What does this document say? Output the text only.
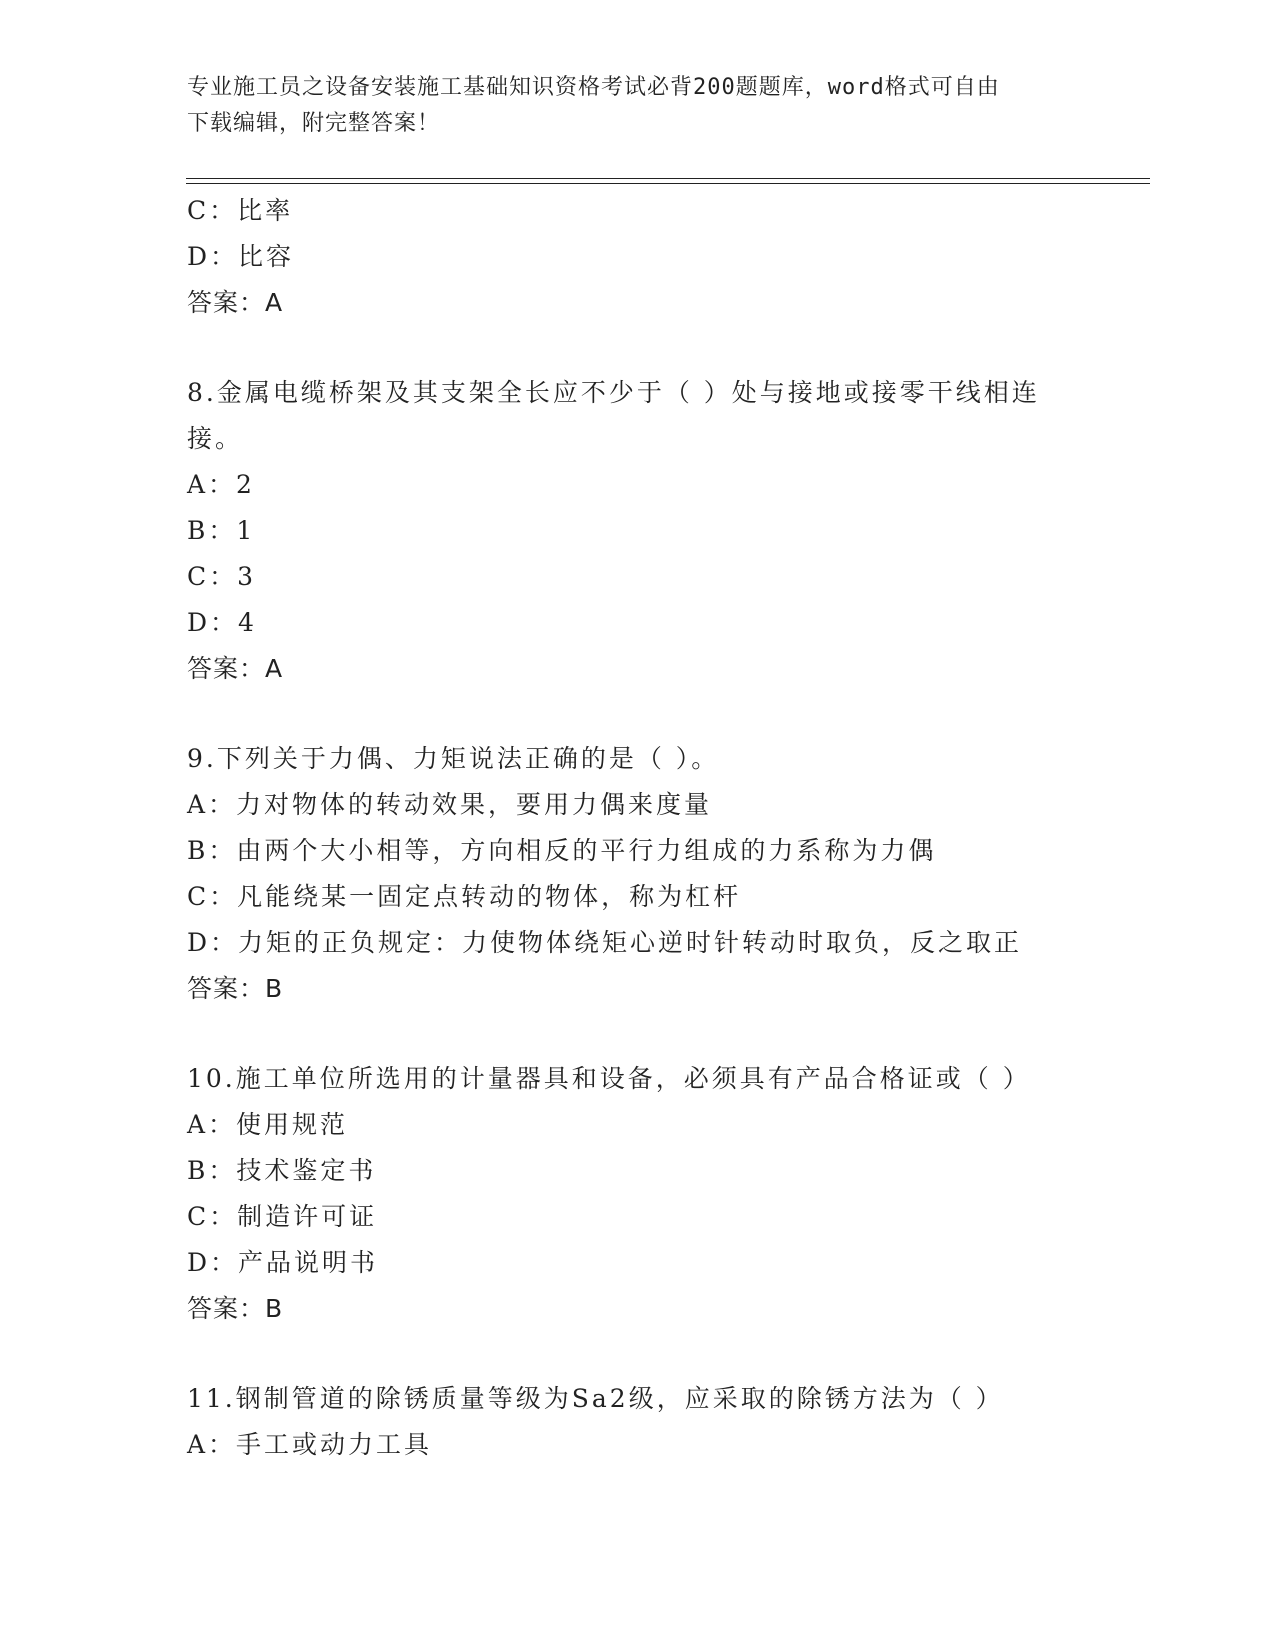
专业施工员之设备安装施工基础知识资格考试必背200题题库，word格式可自由
下载编辑，附完整答案！
C：比率
D：比容
答案：A
8.金属电缆桥架及其支架全长应不少于（ ）处与接地或接零干线相连
接。
A：2
B：1
C：3
D：4
答案：A
9.下列关于力偶、力矩说法正确的是（ ）。
A：力对物体的转动效果，要用力偶来度量
B：由两个大小相等，方向相反的平行力组成的力系称为力偶
C：凡能绕某一固定点转动的物体，称为杠杆
D：力矩的正负规定：力使物体绕矩心逆时针转动时取负，反之取正
答案：B
10.施工单位所选用的计量器具和设备，必须具有产品合格证或（ ）
A：使用规范
B：技术鉴定书
C：制造许可证
D：产品说明书
答案：B
11.钢制管道的除锈质量等级为Sa2级，应采取的除锈方法为（ ）
A：手工或动力工具
